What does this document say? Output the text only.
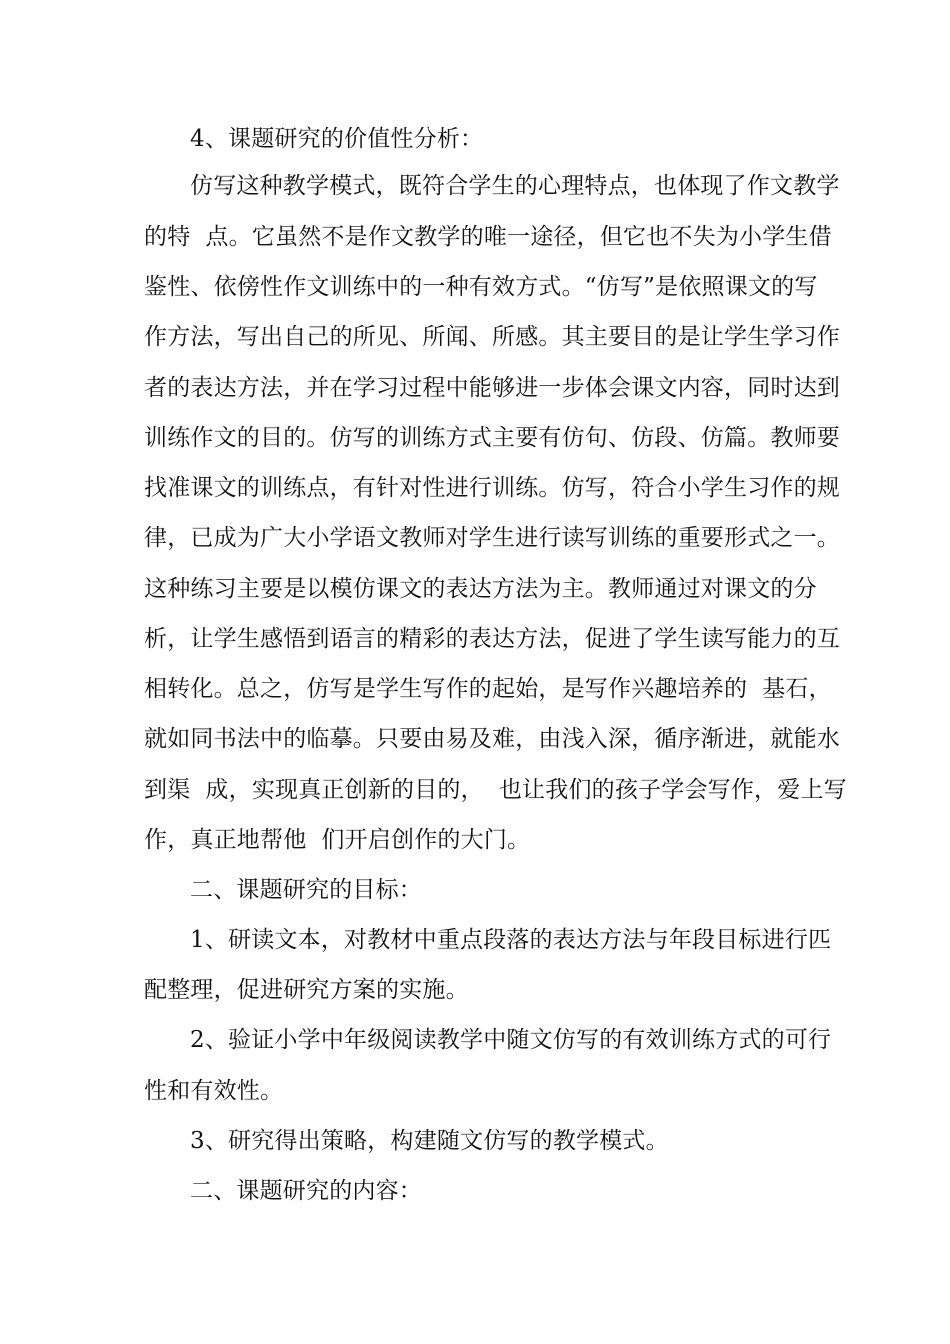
4、课题研究的价值性分析：
仿写这种教学模式，既符合学生的心理特点，也体现了作文教学
的特  点。它虽然不是作文教学的唯一途径，但它也不失为小学生借
鉴性、依傍性作文训练中的一种有效方式。“仿写”是依照课文的写
作方法，写出自己的所见、所闻、所感。其主要目的是让学生学习作
者的表达方法，并在学习过程中能够进一步体会课文内容，同时达到
训练作文的目的。仿写的训练方式主要有仿句、仿段、仿篇。教师要
找准课文的训练点，有针对性进行训练。仿写，符合小学生习作的规
律，已成为广大小学语文教师对学生进行读写训练的重要形式之一。
这种练习主要是以模仿课文的表达方法为主。教师通过对课文的分
析，让学生感悟到语言的精彩的表达方法，促进了学生读写能力的互
相转化。总之，仿写是学生写作的起始，是写作兴趣培养的  基石，
就如同书法中的临摹。只要由易及难，由浅入深，循序渐进，就能水
到渠  成，实现真正创新的目的，  也让我们的孩子学会写作，爱上写
作，真正地帮他  们开启创作的大门。
二、课题研究的目标：
1、研读文本，对教材中重点段落的表达方法与年段目标进行匹
配整理，促进研究方案的实施。
2、验证小学中年级阅读教学中随文仿写的有效训练方式的可行
性和有效性。
3、研究得出策略，构建随文仿写的教学模式。
二、课题研究的内容：
